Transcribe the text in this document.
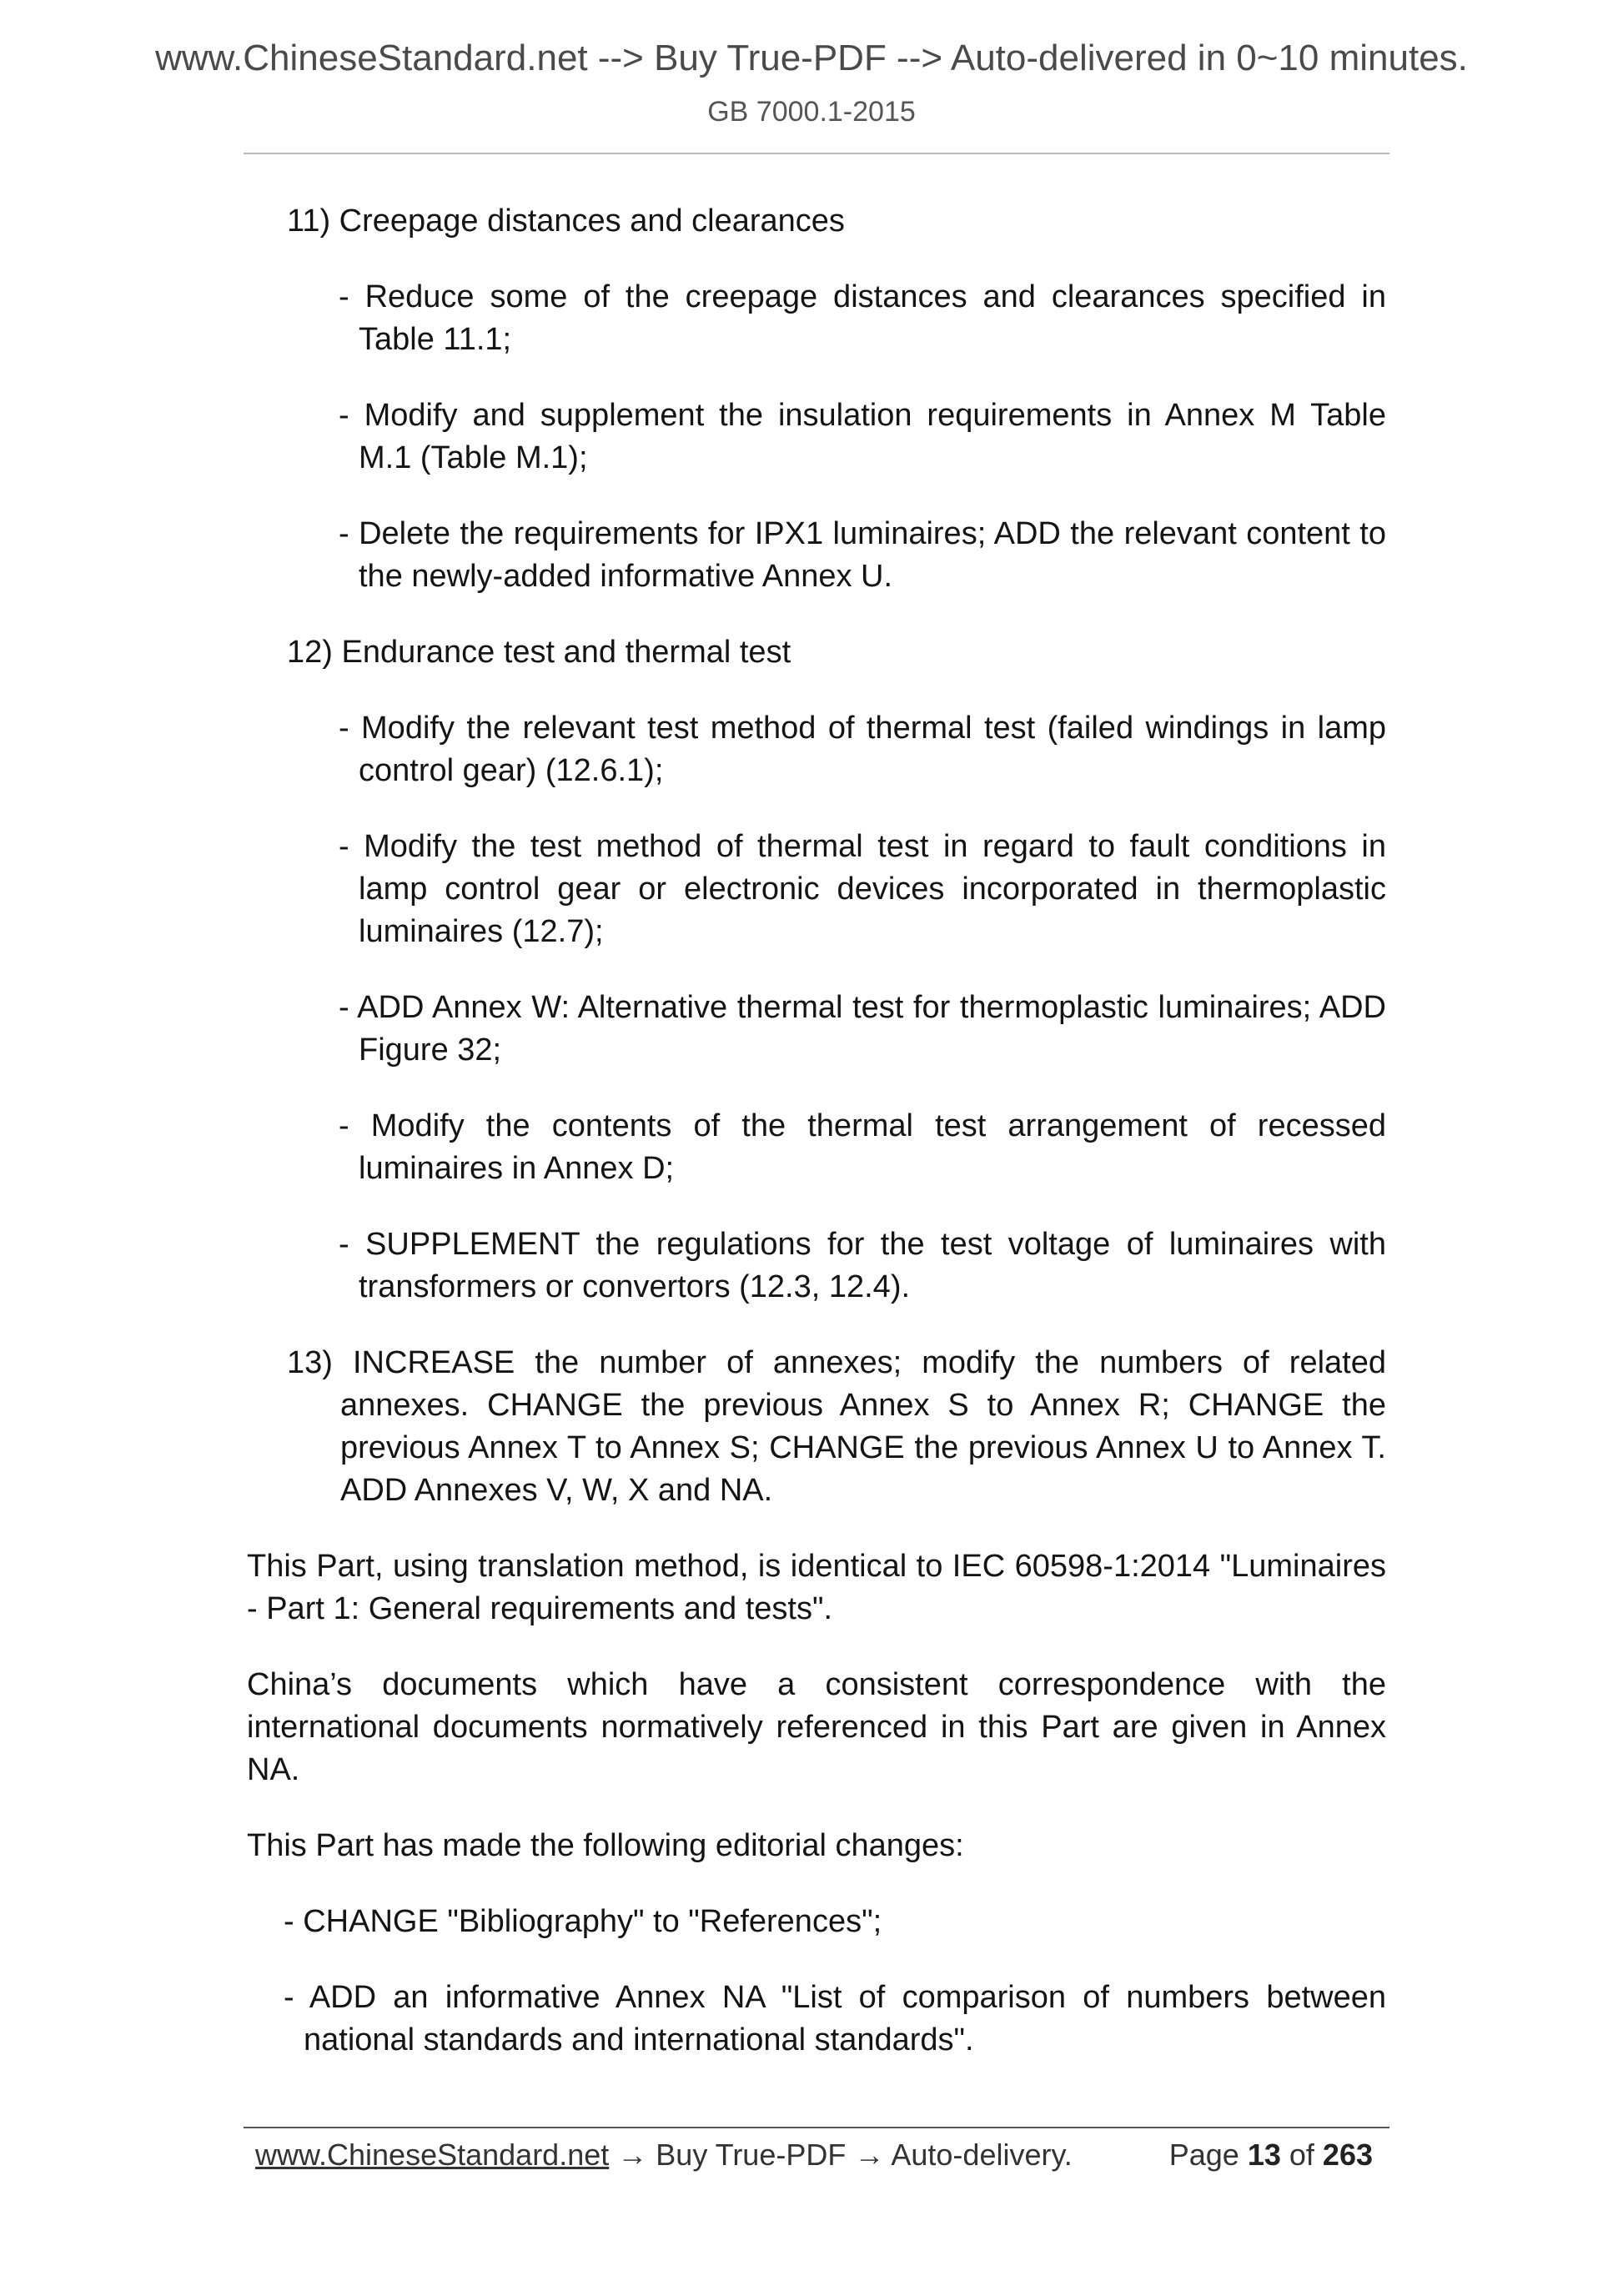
www.ChineseStandard.net --> Buy True-PDF --> Auto-delivered in 0~10 minutes.
GB 7000.1-2015

11) Creepage distances and clearances

- Reduce some of the creepage distances and clearances specified in Table 11.1;

- Modify and supplement the insulation requirements in Annex M Table M.1 (Table M.1);

- Delete the requirements for IPX1 luminaires; ADD the relevant content to the newly-added informative Annex U.

12) Endurance test and thermal test

- Modify the relevant test method of thermal test (failed windings in lamp control gear) (12.6.1);

- Modify the test method of thermal test in regard to fault conditions in lamp control gear or electronic devices incorporated in thermoplastic luminaires (12.7);

- ADD Annex W: Alternative thermal test for thermoplastic luminaires; ADD Figure 32;

- Modify the contents of the thermal test arrangement of recessed luminaires in Annex D;

- SUPPLEMENT the regulations for the test voltage of luminaires with transformers or convertors (12.3, 12.4).

13) INCREASE the number of annexes; modify the numbers of related annexes. CHANGE the previous Annex S to Annex R; CHANGE the previous Annex T to Annex S; CHANGE the previous Annex U to Annex T. ADD Annexes V, W, X and NA.

This Part, using translation method, is identical to IEC 60598-1:2014 "Luminaires - Part 1: General requirements and tests".

China’s documents which have a consistent correspondence with the international documents normatively referenced in this Part are given in Annex NA.

This Part has made the following editorial changes:

- CHANGE "Bibliography" to "References";

- ADD an informative Annex NA "List of comparison of numbers between national standards and international standards".

www.ChineseStandard.net → Buy True-PDF → Auto-delivery.	Page 13 of 263
